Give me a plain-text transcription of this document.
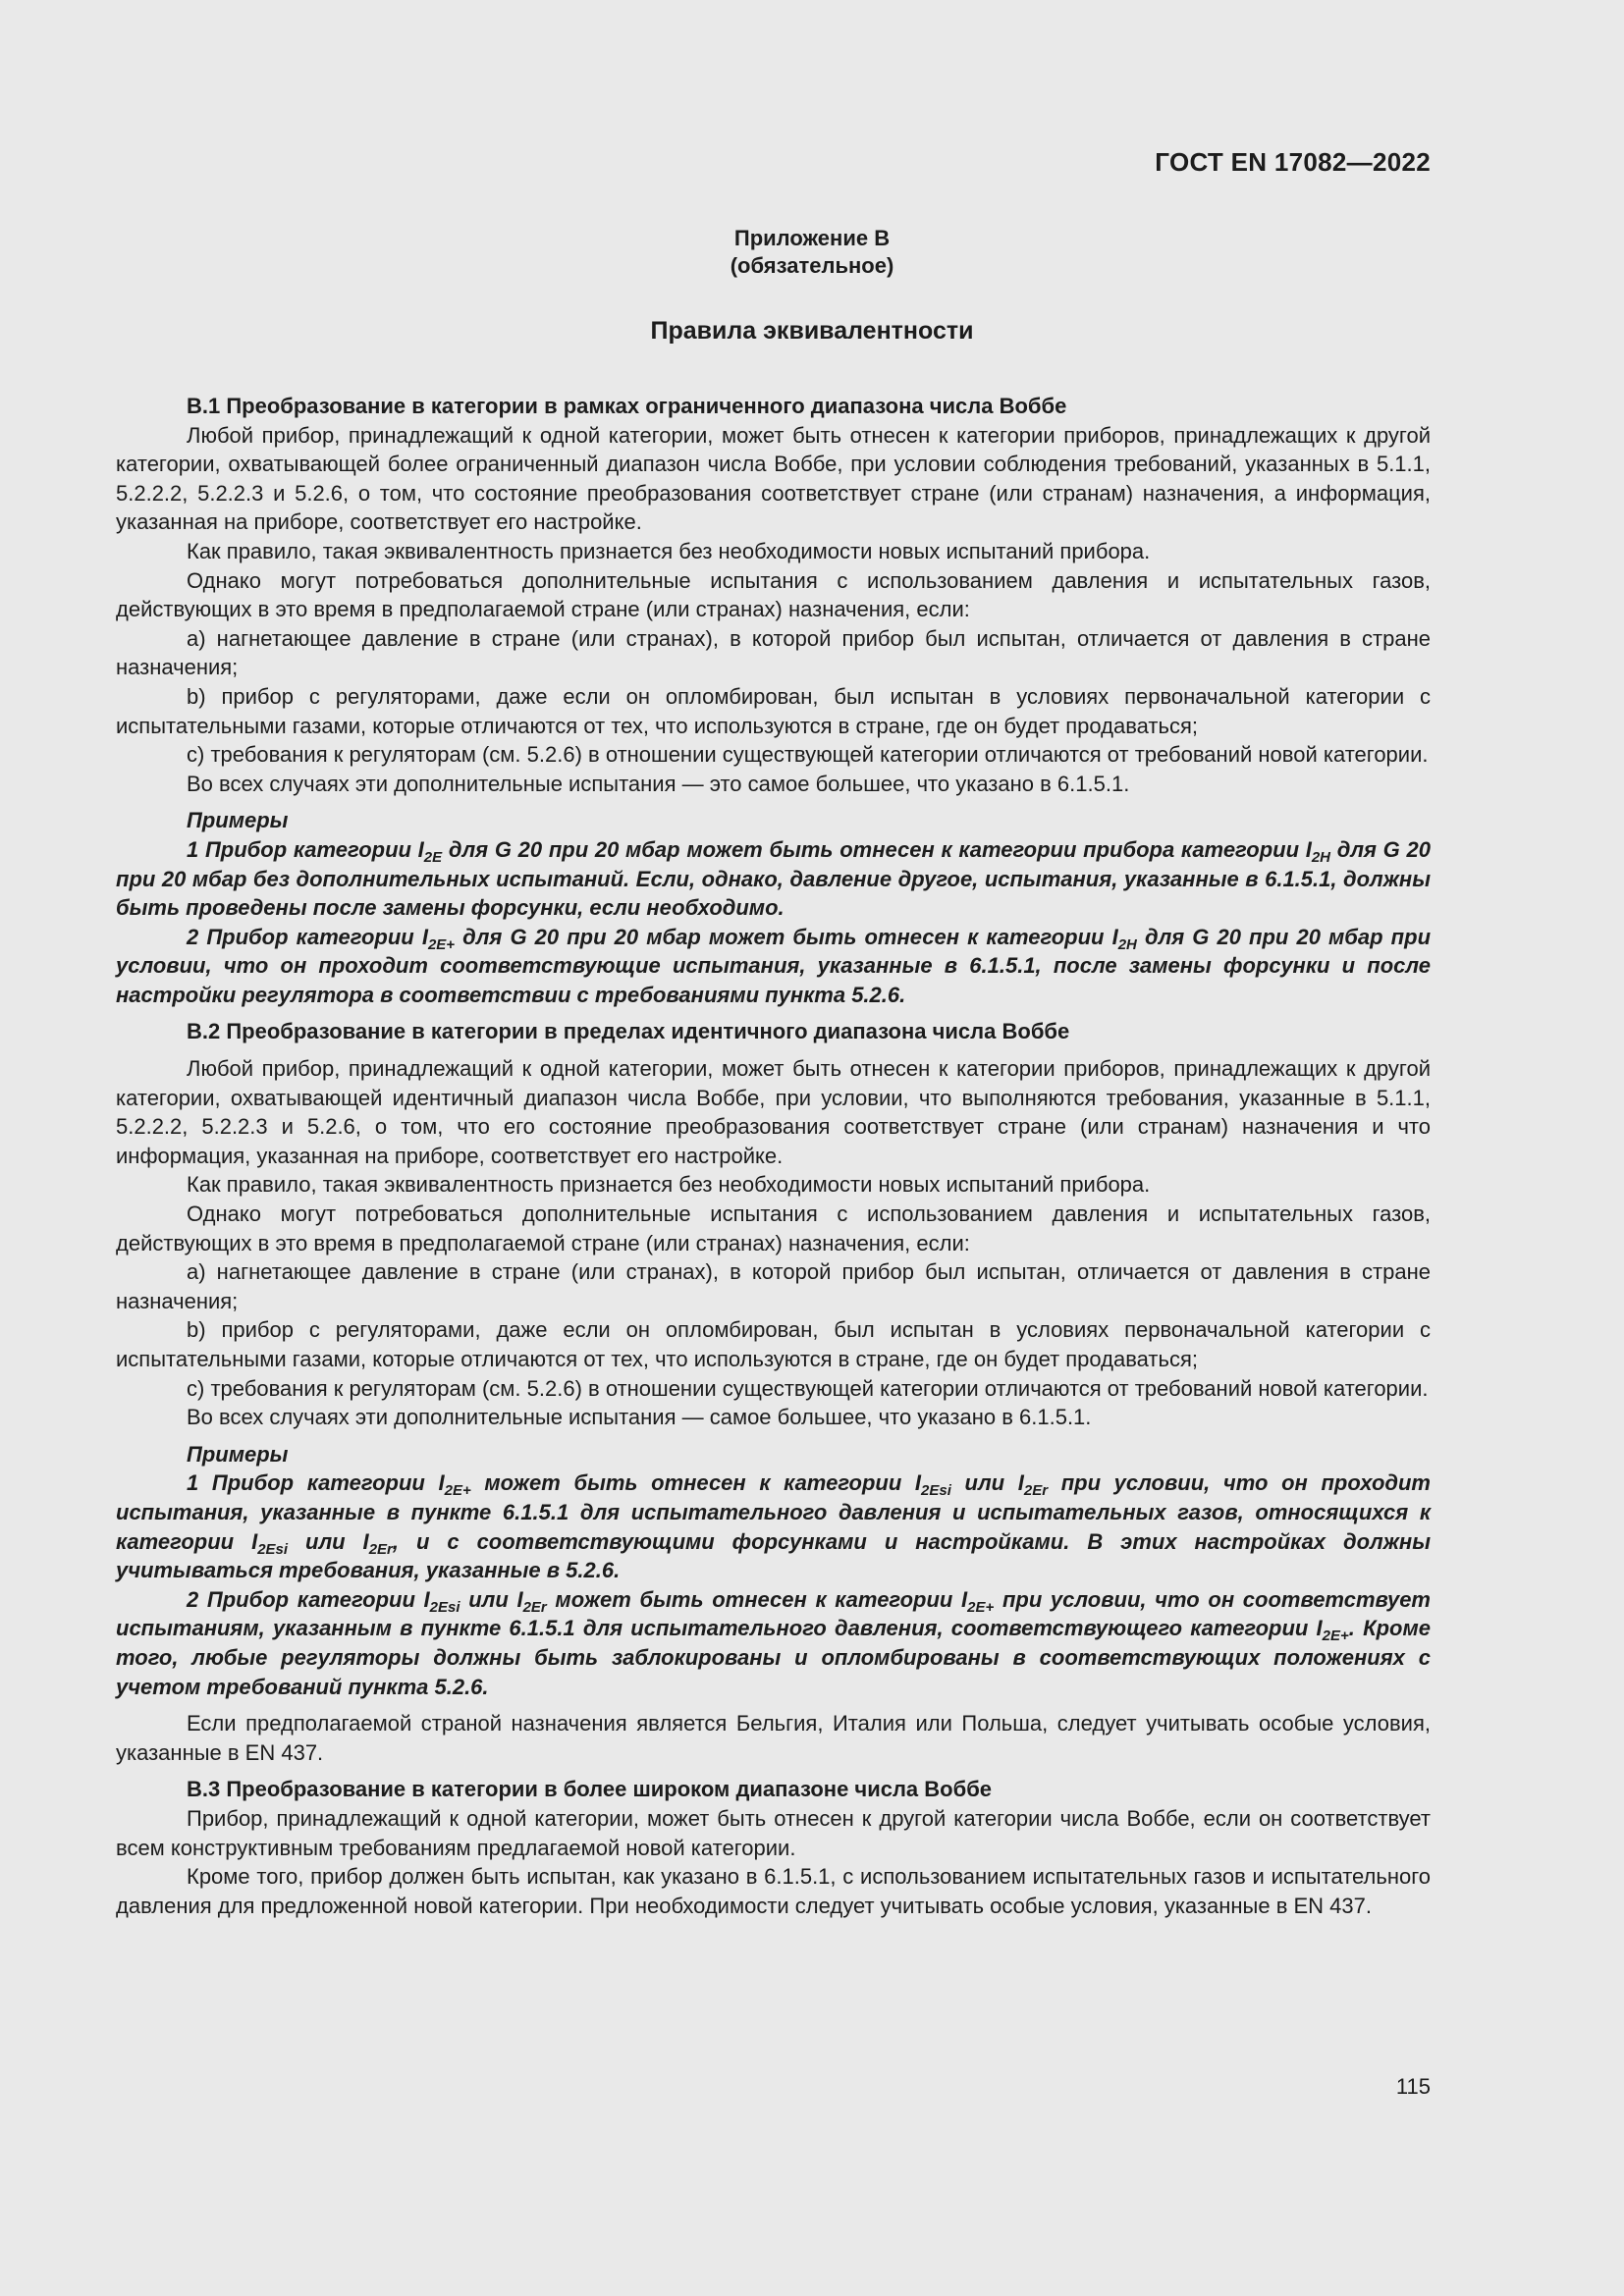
ГОСТ EN 17082—2022
Приложение В
(обязательное)
Правила эквивалентности

В.1 Преобразование в категории в рамках ограниченного диапазона числа Воббе

Любой прибор, принадлежащий к одной категории, может быть отнесен к категории приборов, принадлежащих к другой категории, охватывающей более ограниченный диапазон числа Воббе, при условии соблюдения требований, указанных в 5.1.1, 5.2.2.2, 5.2.2.3 и 5.2.6, о том, что состояние преобразования соответствует стране (или странам) назначения, а информация, указанная на приборе, соответствует его настройке.

Как правило, такая эквивалентность признается без необходимости новых испытаний прибора.

Однако могут потребоваться дополнительные испытания с использованием давления и испытательных газов, действующих в это время в предполагаемой стране (или странах) назначения, если:

a) нагнетающее давление в стране (или странах), в которой прибор был испытан, отличается от давления в стране назначения;

b) прибор с регуляторами, даже если он опломбирован, был испытан в условиях первоначальной категории с испытательными газами, которые отличаются от тех, что используются в стране, где он будет продаваться;

c) требования к регуляторам (см. 5.2.6) в отношении существующей категории отличаются от требований новой категории.

Во всех случаях эти дополнительные испытания — это самое большее, что указано в 6.1.5.1.

Примеры

1 Прибор категории $I_{2E}$ для G 20 при 20 мбар может быть отнесен к категории прибора категории $I_{2H}$ для G 20 при 20 мбар без дополнительных испытаний. Если, однако, давление другое, испытания, указанные в 6.1.5.1, должны быть проведены после замены форсунки, если необходимо.

2 Прибор категории $I_{2E+}$ для G 20 при 20 мбар может быть отнесен к категории $I_{2H}$ для G 20 при 20 мбар при условии, что он проходит соответствующие испытания, указанные в 6.1.5.1, после замены форсунки и после настройки регулятора в соответствии с требованиями пункта 5.2.6.

В.2 Преобразование в категории в пределах идентичного диапазона числа Воббе

Любой прибор, принадлежащий к одной категории, может быть отнесен к категории приборов, принадлежащих к другой категории, охватывающей идентичный диапазон числа Воббе, при условии, что выполняются требования, указанные в 5.1.1, 5.2.2.2, 5.2.2.3 и 5.2.6, о том, что его состояние преобразования соответствует стране (или странам) назначения и что информация, указанная на приборе, соответствует его настройке.

Как правило, такая эквивалентность признается без необходимости новых испытаний прибора.

Однако могут потребоваться дополнительные испытания с использованием давления и испытательных газов, действующих в это время в предполагаемой стране (или странах) назначения, если:

a) нагнетающее давление в стране (или странах), в которой прибор был испытан, отличается от давления в стране назначения;

b) прибор с регуляторами, даже если он опломбирован, был испытан в условиях первоначальной категории с испытательными газами, которые отличаются от тех, что используются в стране, где он будет продаваться;

c) требования к регуляторам (см. 5.2.6) в отношении существующей категории отличаются от требований новой категории.

Во всех случаях эти дополнительные испытания — самое большее, что указано в 6.1.5.1.

Примеры

1 Прибор категории $I_{2E+}$ может быть отнесен к категории $I_{2Esi}$ или $I_{2Er}$ при условии, что он проходит испытания, указанные в пункте 6.1.5.1 для испытательного давления и испытательных газов, относящихся к категории $I_{2Esi}$ или $I_{2Er}$, и с соответствующими форсунками и настройками. В этих настройках должны учитываться требования, указанные в 5.2.6.

2 Прибор категории $I_{2Esi}$ или $I_{2Er}$ может быть отнесен к категории $I_{2E+}$ при условии, что он соответствует испытаниям, указанным в пункте 6.1.5.1 для испытательного давления, соответствующего категории $I_{2E+}$. Кроме того, любые регуляторы должны быть заблокированы и опломбированы в соответствующих положениях с учетом требований пункта 5.2.6.

Если предполагаемой страной назначения является Бельгия, Италия или Польша, следует учитывать особые условия, указанные в EN 437.

В.3 Преобразование в категории в более широком диапазоне числа Воббе

Прибор, принадлежащий к одной категории, может быть отнесен к другой категории числа Воббе, если он соответствует всем конструктивным требованиям предлагаемой новой категории.

Кроме того, прибор должен быть испытан, как указано в 6.1.5.1, с использованием испытательных газов и испытательного давления для предложенной новой категории. При необходимости следует учитывать особые условия, указанные в EN 437.

115
